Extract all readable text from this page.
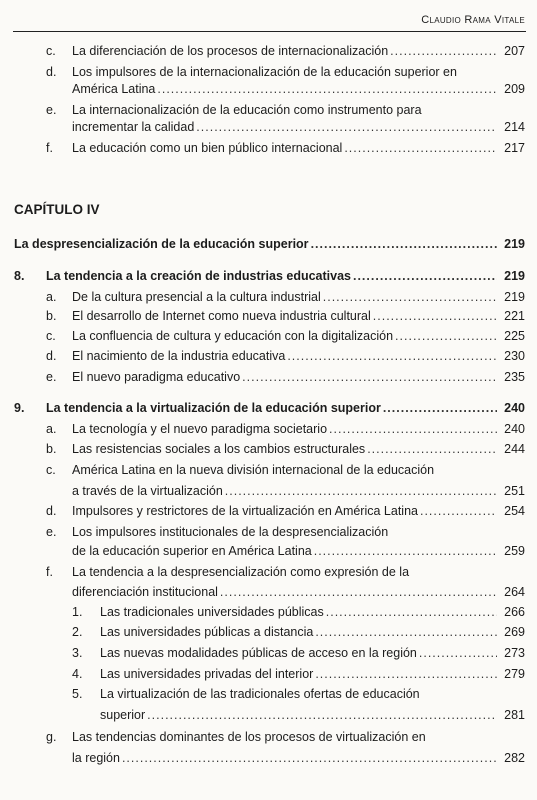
Claudio Rama Vitale
c. La diferenciación de los procesos de internacionalización .....	207
d. Los impulsores de la internacionalización de la educación superior en
América Latina .....	209
e. La internacionalización de la educación como instrumento para
incrementar la calidad .....	214
f. La educación como un bien público internacional .....	217
CAPÍTULO IV
La despresencialización de la educación superior .....	219
8. La tendencia a la creación de industrias educativas .....	219
a. De la cultura presencial a la cultura industrial .....	219
b. El desarrollo de Internet como nueva industria cultural .....	221
c. La confluencia de cultura y educación con la digitalización .....	225
d. El nacimiento de la industria educativa .....	230
e. El nuevo paradigma educativo .....	235
9. La tendencia a la virtualización de la educación superior .....	240
a. La tecnología y el nuevo paradigma societario .....	240
b. Las resistencias sociales a los cambios estructurales .....	244
c. América Latina en la nueva división internacional de la educación
a través de la virtualización .....	251
d. Impulsores y restrictores de la virtualización en América Latina .....	254
e. Los impulsores institucionales de la despresencialización
de la educación superior en América Latina .....	259
f. La tendencia a la despresencialización como expresión de la
diferenciación institucional .....	264
1. Las tradicionales universidades públicas .....	266
2. Las universidades públicas a distancia .....	269
3. Las nuevas modalidades públicas de acceso en la región .....	273
4. Las universidades privadas del interior .....	279
5. La virtualización de las tradicionales ofertas de educación
superior .....	281
g. Las tendencias dominantes de los procesos de virtualización en
la región .....	282
